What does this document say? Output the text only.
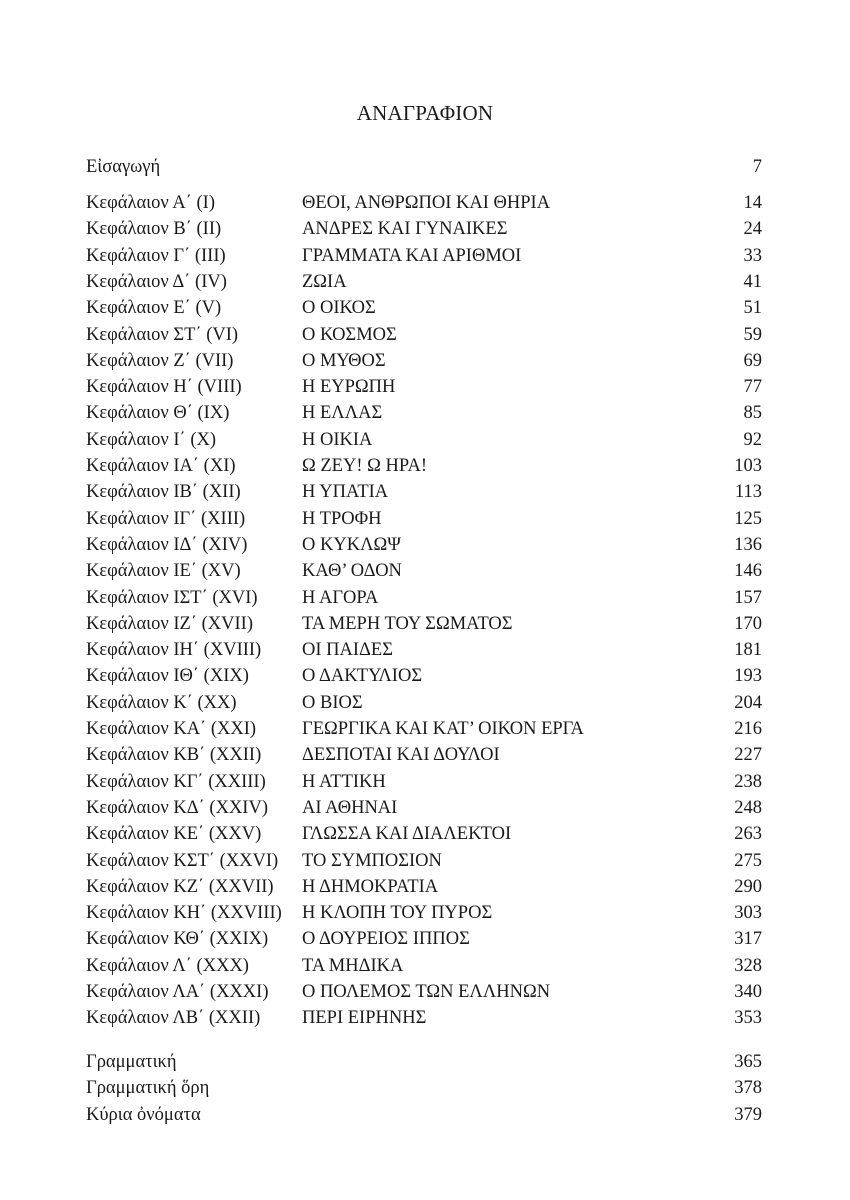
ΑΝΑΓΡΑΦΙΟΝ
Εἰσαγωγή	7
Κεφάλαιον Α΄ (I)	ΘΕΟΙ, ΑΝΘΡΩΠΟΙ ΚΑΙ ΘΗΡΙΑ	14
Κεφάλαιον Β΄ (II)	ΑΝΔΡΕΣ ΚΑΙ ΓΥΝΑΙΚΕΣ	24
Κεφάλαιον Γ΄ (III)	ΓΡΑΜΜΑΤΑ ΚΑΙ ΑΡΙΘΜΟΙ	33
Κεφάλαιον Δ΄ (IV)	ΖΩΙΑ	41
Κεφάλαιον Ε΄ (V)	Ο ΟΙΚΟΣ	51
Κεφάλαιον ΣΤ΄ (VI)	Ο ΚΟΣΜΟΣ	59
Κεφάλαιον Ζ΄ (VII)	Ο ΜΥΘΟΣ	69
Κεφάλαιον Η΄ (VIII)	Η ΕΥΡΩΠΗ	77
Κεφάλαιον Θ΄ (IX)	Η ΕΛΛΑΣ	85
Κεφάλαιον Ι΄ (X)	Η ΟΙΚΙΑ	92
Κεφάλαιον ΙΑ΄ (XI)	Ω ΖΕΥ! Ω ΗΡΑ!	103
Κεφάλαιον ΙΒ΄ (XII)	Η ΥΠΑΤΙΑ	113
Κεφάλαιον ΙΓ΄ (XIII)	Η ΤΡΟΦΗ	125
Κεφάλαιον ΙΔ΄ (XIV)	Ο ΚΥΚΛΩΨ	136
Κεφάλαιον ΙΕ΄ (XV)	ΚΑΘ’ ΟΔΟΝ	146
Κεφάλαιον ΙΣΤ΄ (XVI) Η ΑΓΟΡΑ	157
Κεφάλαιον ΙΖ΄ (XVII)	ΤΑ ΜΕΡΗ ΤΟΥ ΣΩΜΑΤΟΣ	170
Κεφάλαιον ΙΗ΄ (XVIII) ΟΙ ΠΑΙΔΕΣ	181
Κεφάλαιον ΙΘ΄ (XIX)	Ο ΔΑΚΤΥΛΙΟΣ	193
Κεφάλαιον Κ΄ (XX)	Ο ΒΙΟΣ	204
Κεφάλαιον ΚΑ΄ (XXI) ΓΕΩΡΓΙΚΑ ΚΑΙ ΚΑΤ’ ΟΙΚΟΝ ΕΡΓΑ	216
Κεφάλαιον ΚΒ΄ (XXII) ΔΕΣΠΟΤΑΙ ΚΑΙ ΔΟΥΛΟΙ	227
Κεφάλαιον ΚΓ΄ (XXIII) Η ΑΤΤΙΚΗ	238
Κεφάλαιον ΚΔ΄ (XXIV) ΑΙ ΑΘΗΝΑΙ	248
Κεφάλαιον ΚΕ΄ (XXV) ΓΛΩΣΣΑ ΚΑΙ ΔΙΑΛΕΚΤΟΙ	263
Κεφάλαιον ΚΣΤ΄ (XXVI) ΤΟ ΣΥΜΠΟΣΙΟΝ	275
Κεφάλαιον ΚΖ΄ (XXVII) Η ΔΗΜΟΚΡΑΤΙΑ	290
Κεφάλαιον ΚΗ΄ (XXVIII) Η ΚΛΟΠΗ ΤΟΥ ΠΥΡΟΣ	303
Κεφάλαιον ΚΘ΄ (XXIX) Ο ΔΟΥΡΕΙΟΣ ΙΠΠΟΣ	317
Κεφάλαιον Λ΄ (XXX)	ΤΑ ΜΗΔΙΚΑ	328
Κεφάλαιον ΛΑ΄ (XXXI) Ο ΠΟΛΕΜΟΣ ΤΩΝ ΕΛΛΗΝΩΝ	340
Κεφάλαιον ΛΒ΄ (XXII) ΠΕΡΙ ΕΙΡΗΝΗΣ	353
Γραμματική	365
Γραμματική ὅρη	378
Κύρια ὀνόματα	379
